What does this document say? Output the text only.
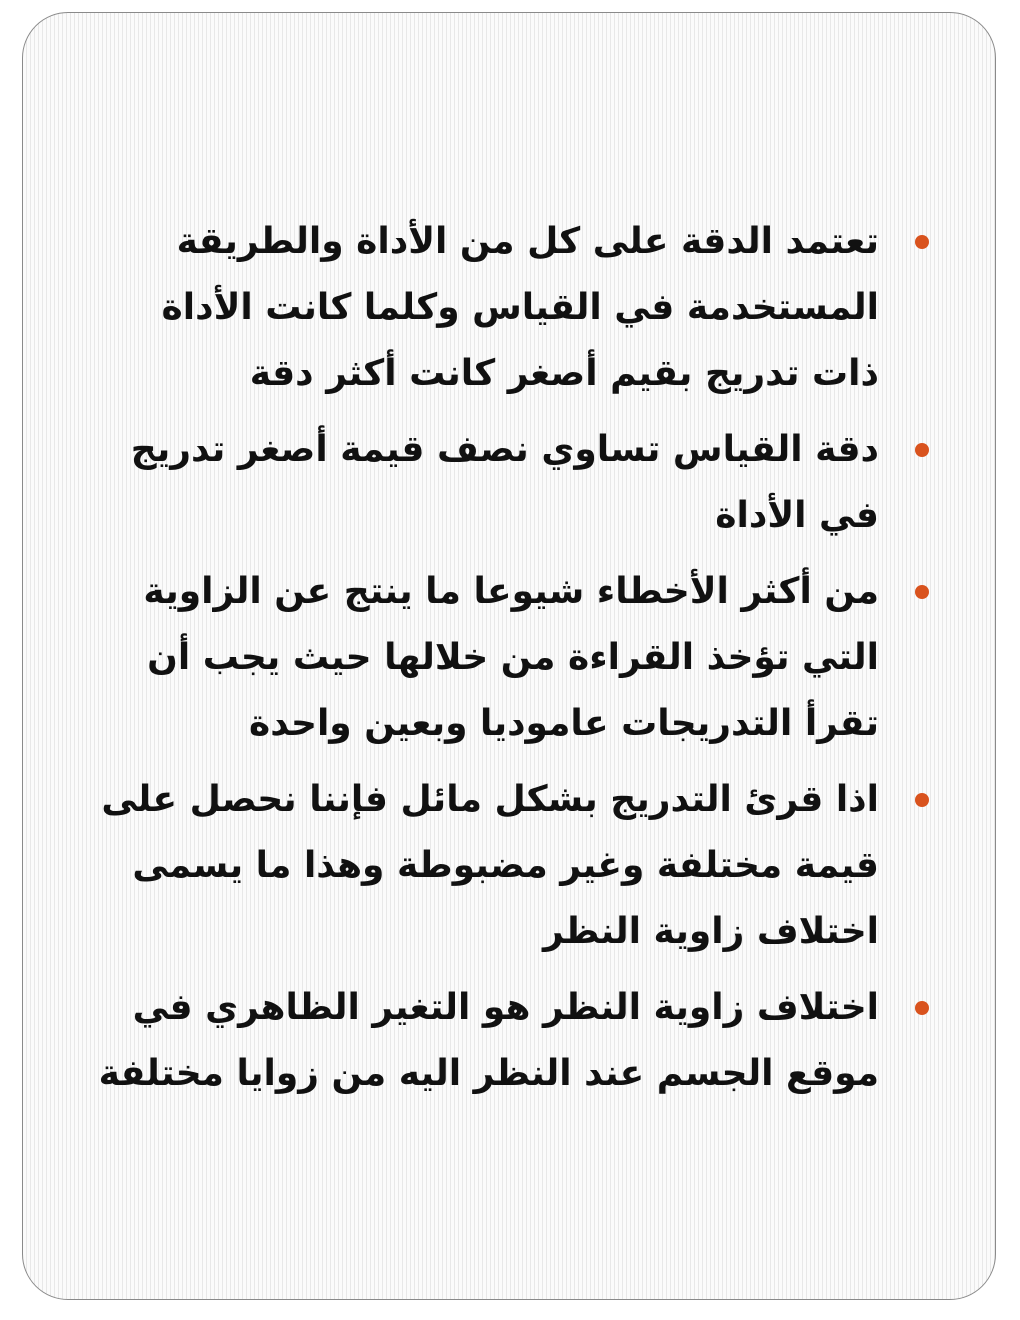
تعتمد الدقة على كل من الأداة والطريقة المستخدمة في القياس وكلما كانت الأداة ذات تدريج بقيم أصغر كانت أكثر دقة
دقة القياس تساوي نصف قيمة أصغر تدريج في الأداة
من أكثر الأخطاء شيوعا ما ينتج عن الزاوية التي تؤخذ القراءة من خلالها حيث يجب أن تقرأ التدريجات عاموديا وبعين واحدة
اذا قرئ التدريج بشكل مائل فإننا نحصل على قيمة مختلفة وغير مضبوطة وهذا ما يسمى اختلاف زاوية النظر
اختلاف زاوية النظر هو التغير الظاهري في موقع الجسم عند النظر اليه من زوايا مختلفة
